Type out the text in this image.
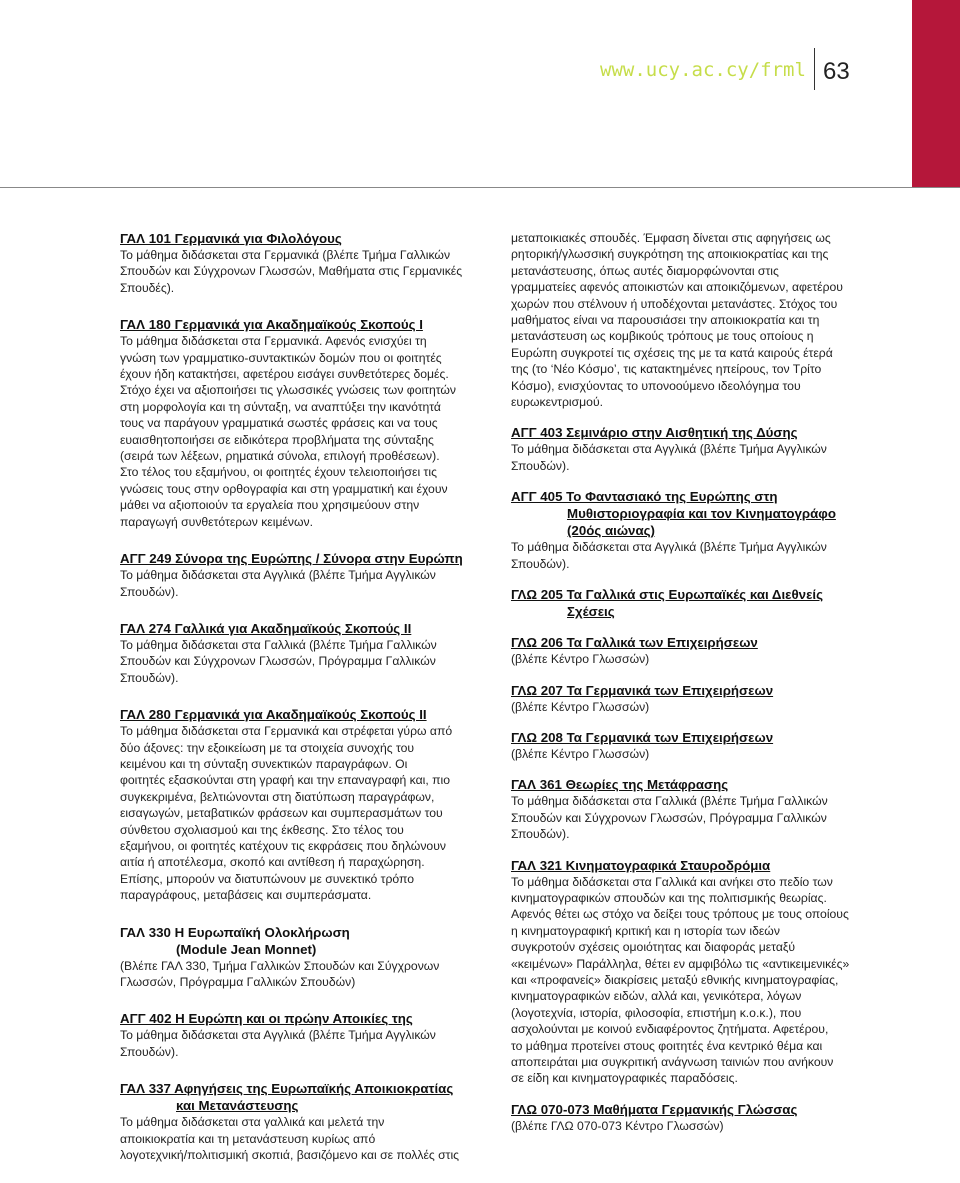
www.ucy.ac.cy/frml 63
ΓΑΛ 101 Γερμανικά για Φιλολόγους

Το μάθημα διδάσκεται στα Γερμανικά (βλέπε Τμήμα Γαλλικών
Σπουδών και Σύγχρονων Γλωσσών, Μαθήματα στις Γερμανικές
Σπουδές).

ΓΑΛ 180 Γερμανικά για Ακαδημαϊκούς Σκοπούς Ι

Το μάθημα διδάσκεται στα Γερμανικά. Αφενός ενισχύει τη
γνώση των γραμματικο-συντακτικών δομών που οι φοιτητές
έχουν ήδη κατακτήσει, αφετέρου εισάγει συνθετότερες δομές.
Στόχο έχει να αξιοποιήσει τις γλωσσικές γνώσεις των φοιτητών
στη μορφολογία και τη σύνταξη, να αναπτύξει την ικανότητά
τους να παράγουν γραμματικά σωστές φράσεις και να τους
ευαισθητοποιήσει σε ειδικότερα προβλήματα της σύνταξης
(σειρά των λέξεων, ρηματικά σύνολα, επιλογή προθέσεων).
Στο τέλος του εξαμήνου, οι φοιτητές έχουν τελειοποιήσει τις
γνώσεις τους στην ορθογραφία και στη γραμματική και έχουν
μάθει να αξιοποιούν τα εργαλεία που χρησιμεύουν στην
παραγωγή συνθετότερων κειμένων.

ΑΓΓ 249 Σύνορα της Ευρώπης / Σύνορα στην Ευρώπη

Το μάθημα διδάσκεται στα Αγγλικά (βλέπε Τμήμα Αγγλικών
Σπουδών).

ΓΑΛ 274 Γαλλικά για Ακαδημαϊκούς Σκοπούς ΙΙ

Το μάθημα διδάσκεται στα Γαλλικά (βλέπε Τμήμα Γαλλικών
Σπουδών και Σύγχρονων Γλωσσών, Πρόγραμμα Γαλλικών
Σπουδών).

ΓΑΛ 280 Γερμανικά για Ακαδημαϊκούς Σκοπούς ΙΙ

Το μάθημα διδάσκεται στα Γερμανικά και στρέφεται γύρω από
δύο άξονες: την εξοικείωση με τα στοιχεία συνοχής του
κειμένου και τη σύνταξη συνεκτικών παραγράφων. Οι
φοιτητές εξασκούνται στη γραφή και την επαναγραφή και, πιο
συγκεκριμένα, βελτιώνονται στη διατύπωση παραγράφων,
εισαγωγών, μεταβατικών φράσεων και συμπερασμάτων του
σύνθετου σχολιασμού και της έκθεσης. Στο τέλος του
εξαμήνου, οι φοιτητές κατέχουν τις εκφράσεις που δηλώνουν
αιτία ή αποτέλεσμα, σκοπό και αντίθεση ή παραχώρηση.
Επίσης, μπορούν να διατυπώνουν με συνεκτικό τρόπο
παραγράφους, μεταβάσεις και συμπεράσματα.

ΓΑΛ 330 Η Ευρωπαϊκή Ολοκλήρωση
(Module Jean Monnet)

(Βλέπε ΓΑΛ 330, Τμήμα Γαλλικών Σπουδών και Σύγχρονων
Γλωσσών, Πρόγραμμα Γαλλικών Σπουδών)

ΑΓΓ 402 Η Ευρώπη και οι πρώην Αποικίες της

Το μάθημα διδάσκεται στα Αγγλικά (βλέπε Τμήμα Αγγλικών
Σπουδών).

ΓΑΛ 337 Αφηγήσεις της Ευρωπαϊκής Αποικιοκρατίας
και Μετανάστευσης

Το μάθημα διδάσκεται στα γαλλικά και μελετά την
αποικιοκρατία και τη μετανάστευση κυρίως από
λογοτεχνική/πολιτισμική σκοπιά, βασιζόμενο και σε πολλές στις

μεταποικιακές σπουδές. Έμφαση δίνεται στις αφηγήσεις ως
ρητορική/γλωσσική συγκρότηση της αποικιοκρατίας και της
μετανάστευσης, όπως αυτές διαμορφώνονται στις
γραμματείες αφενός αποικιστών και αποικιζόμενων, αφετέρου
χωρών που στέλνουν ή υποδέχονται μετανάστες. Στόχος του
μαθήματος είναι να παρουσιάσει την αποικιοκρατία και τη
μετανάστευση ως κομβικούς τρόπους με τους οποίους η
Ευρώπη συγκροτεί τις σχέσεις της με τα κατά καιρούς έτερά
της (το ‘Νέο Κόσμο’, τις κατακτημένες ηπείρους, τον Τρίτο
Κόσμο), ενισχύοντας το υπονοούμενο ιδεολόγημα του
ευρωκεντρισμού.

ΑΓΓ 403 Σεμινάριο στην Αισθητική της Δύσης

Το μάθημα διδάσκεται στα Αγγλικά (βλέπε Τμήμα Αγγλικών
Σπουδών).

ΑΓΓ 405 Το Φαντασιακό της Ευρώπης στη
Μυθιστοριογραφία και τον Κινηματογράφο
(20ός αιώνας)

Το μάθημα διδάσκεται στα Αγγλικά (βλέπε Τμήμα Αγγλικών
Σπουδών).

ΓΛΩ 205 Τα Γαλλικά στις Ευρωπαϊκές και Διεθνείς
Σχέσεις
ΓΛΩ 206 Τα Γαλλικά των Επιχειρήσεων

(βλέπε Κέντρο Γλωσσών)

ΓΛΩ 207 Τα Γερμανικά των Επιχειρήσεων

(βλέπε Κέντρο Γλωσσών)

ΓΛΩ 208 Τα Γερμανικά των Επιχειρήσεων

(βλέπε Κέντρο Γλωσσών)

ΓΑΛ 361 Θεωρίες της Μετάφρασης

Το μάθημα διδάσκεται στα Γαλλικά (βλέπε Τμήμα Γαλλικών
Σπουδών και Σύγχρονων Γλωσσών, Πρόγραμμα Γαλλικών
Σπουδών).

ΓΑΛ 321 Κινηματογραφικά Σταυροδρόμια

Το μάθημα διδάσκεται στα Γαλλικά και ανήκει στο πεδίο των
κινηματογραφικών σπουδών και της πολιτισμικής θεωρίας.
Αφενός θέτει ως στόχο να δείξει τους τρόπους με τους οποίους
η κινηματογραφική κριτική και η ιστορία των ιδεών
συγκροτούν σχέσεις ομοιότητας και διαφοράς μεταξύ
«κειμένων» Παράλληλα, θέτει εν αμφιβόλω τις «αντικειμενικές»
και «προφανείς» διακρίσεις μεταξύ εθνικής κινηματογραφίας,
κινηματογραφικών ειδών, αλλά και, γενικότερα, λόγων
(λογοτεχνία, ιστορία, φιλοσοφία, επιστήμη κ.ο.κ.), που
ασχολούνται με κοινού ενδιαφέροντος ζητήματα. Αφετέρου,
το μάθημα προτείνει στους φοιτητές ένα κεντρικό θέμα και
αποπειράται μια συγκριτική ανάγνωση ταινιών που ανήκουν
σε είδη και κινηματογραφικές παραδόσεις.

ΓΛΩ 070-073 Μαθήματα Γερμανικής Γλώσσας

(βλέπε ΓΛΩ 070-073 Κέντρο Γλωσσών)
